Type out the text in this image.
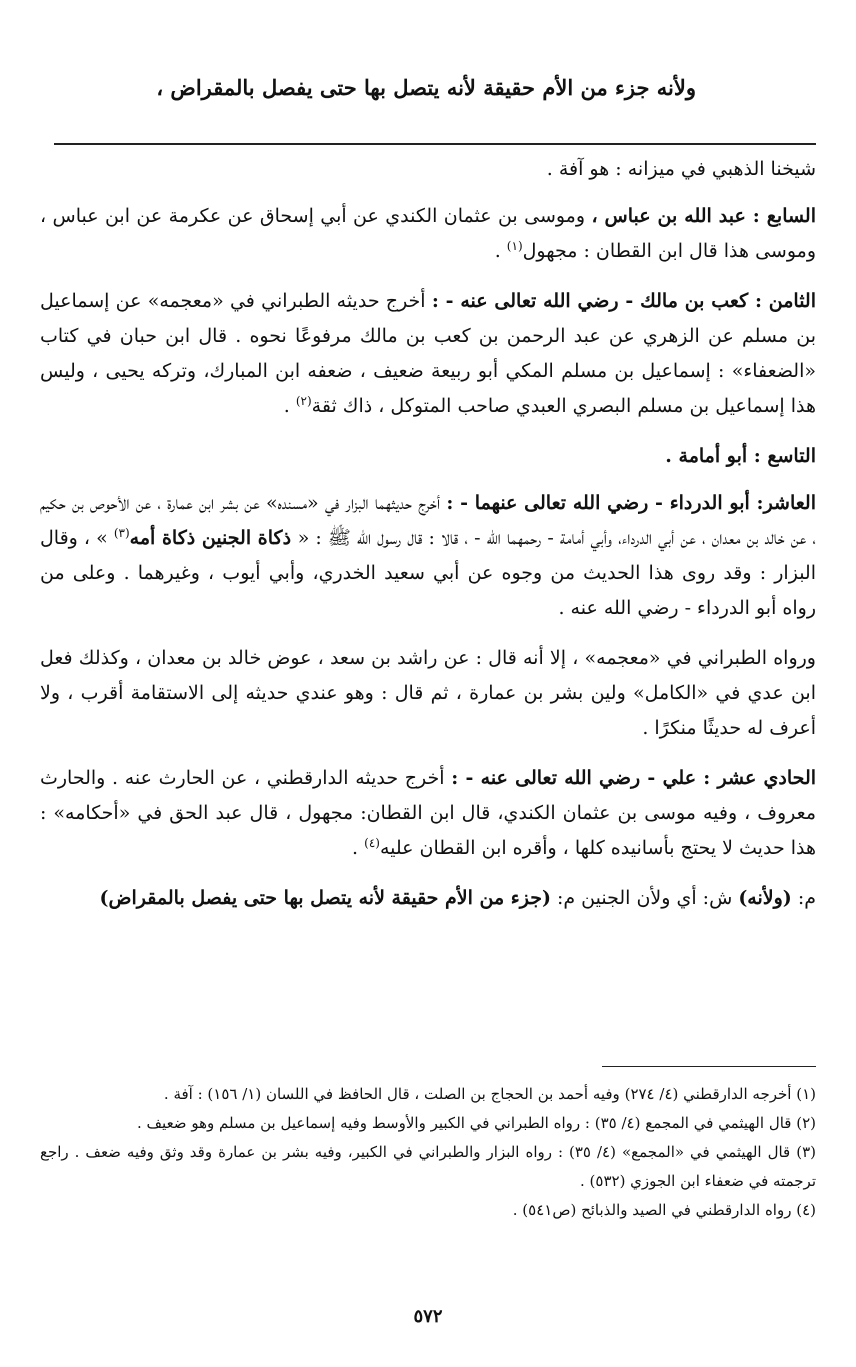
ولأنه جزء من الأم حقيقة لأنه يتصل بها حتى يفصل بالمقراض ،

شيخنا الذهبي في ميزانه : هو آفة .

السابع : عبد الله بن عباس ، وموسى بن عثمان الكندي عن أبي إسحاق عن عكرمة عن ابن عباس ، وموسى هذا قال ابن القطان : مجهول$^{(١)}$ .

الثامن : كعب بن مالك - رضي الله تعالى عنه - : أخرج حديثه الطبراني في «معجمه» عن إسماعيل بن مسلم عن الزهري عن عبد الرحمن بن كعب بن مالك مرفوعًا نحوه . قال ابن حبان في كتاب «الضعفاء» : إسماعيل بن مسلم المكي أبو ربيعة ضعيف ، ضعفه ابن المبارك، وتركه يحيى ، وليس هذا إسماعيل بن مسلم البصري العبدي صاحب المتوكل ، ذاك ثقة$^{(٢)}$ .

التاسع : أبو أمامة .

العاشر: أبو الدرداء - رضي الله تعالى عنهما - : أخرج حديثهما البزار في «مسنده» عن بشر ابن عمارة ، عن الأحوص بن حكيم ، عن خالد بن معدان ، عن أبي الدرداء، وأبي أمامة - رحمهما الله - ، قالا : قال رسول الله ﷺ : « ذكاة الجنين ذكاة أمه$^{(٣)}$ » ، وقال البزار : وقد روى هذا الحديث من وجوه عن أبي سعيد الخدري، وأبي أيوب ، وغيرهما . وعلى من رواه أبو الدرداء - رضي الله عنه .

ورواه الطبراني في «معجمه» ، إلا أنه قال : عن راشد بن سعد ، عوض خالد بن معدان ، وكذلك فعل ابن عدي في «الكامل» ولين بشر بن عمارة ، ثم قال : وهو عندي حديثه إلى الاستقامة أقرب ، ولا أعرف له حديثًا منكرًا .

الحادي عشر : علي - رضي الله تعالى عنه - : أخرج حديثه الدارقطني ، عن الحارث عنه . والحارث معروف ، وفيه موسى بن عثمان الكندي، قال ابن القطان: مجهول ، قال عبد الحق في «أحكامه» : هذا حديث لا يحتج بأسانيده كلها ، وأقره ابن القطان عليه$^{(٤)}$ .

م: (ولأنه) ش: أي ولأن الجنين م: (جزء من الأم حقيقة لأنه يتصل بها حتى يفصل بالمقراض)

(١) أخرجه الدارقطني (٤/ ٢٧٤) وفيه أحمد بن الحجاج بن الصلت ، قال الحافظ في اللسان (١/ ١٥٦) : آفة .

(٢) قال الهيثمي في المجمع (٤/ ٣٥) : رواه الطبراني في الكبير والأوسط وفيه إسماعيل بن مسلم وهو ضعيف .

(٣) قال الهيثمي في «المجمع» (٤/ ٣٥) : رواه البزار والطبراني في الكبير، وفيه بشر بن عمارة وقد وثق وفيه ضعف . راجع ترجمته في ضعفاء ابن الجوزي (٥٣٢) .

(٤) رواه الدارقطني في الصيد والذبائح (ص٥٤١) .

٥٧٢
